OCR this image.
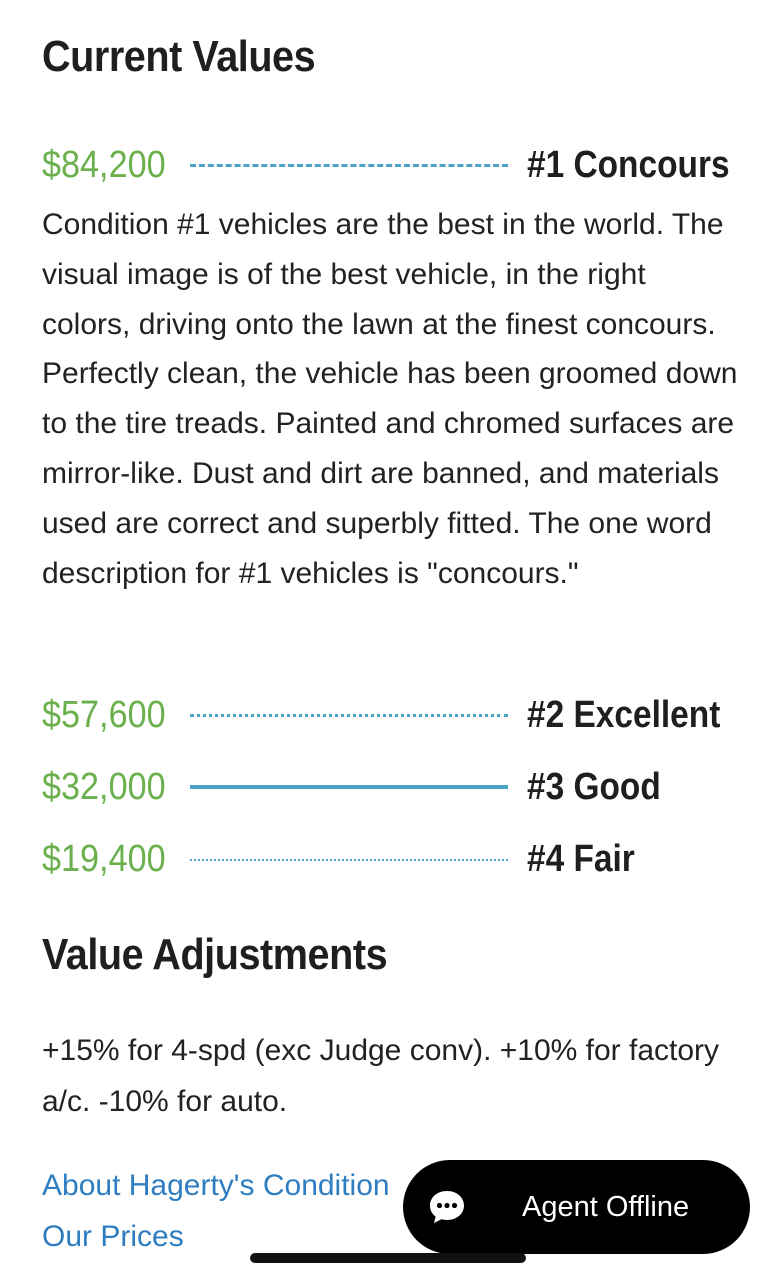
Current Values
$84,200	#1 Concours

Condition #1 vehicles are the best in the world. The visual image is of the best vehicle, in the right colors, driving onto the lawn at the finest concours. Perfectly clean, the vehicle has been groomed down to the tire treads. Painted and chromed surfaces are mirror-like. Dust and dirt are banned, and materials used are correct and superbly fitted. The one word description for #1 vehicles is "concours."

$57,600	#2 Excellent
$32,000	#3 Good
$19,400	#4 Fair
Value Adjustments

+15% for 4-spd (exc Judge conv). +10% for factory a/c. -10% for auto.

About Hagerty's Condition
Our Prices
Agent Offline
